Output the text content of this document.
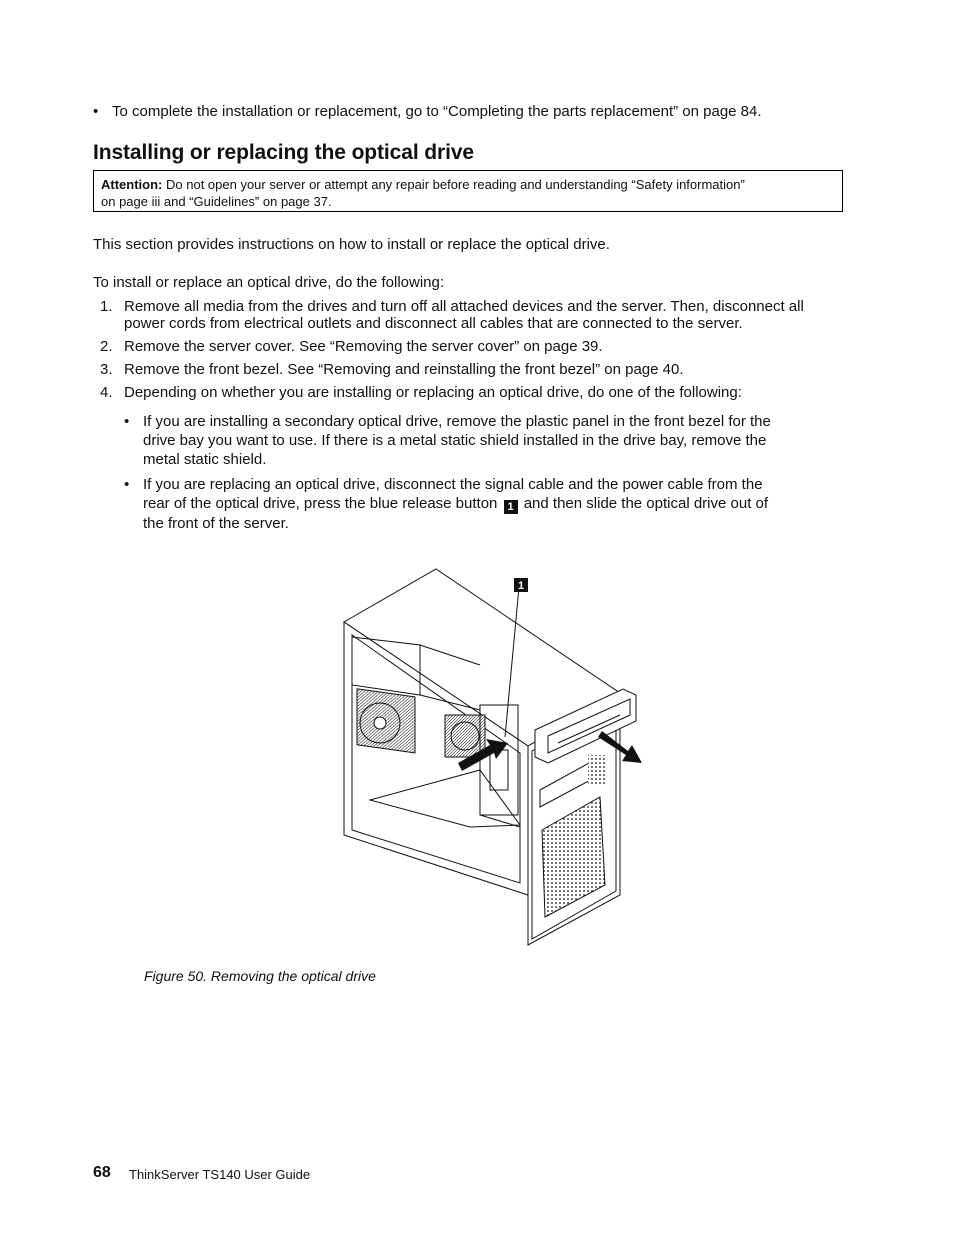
• To complete the installation or replacement, go to “Completing the parts replacement” on page 84.
Installing or replacing the optical drive
Attention: Do not open your server or attempt any repair before reading and understanding “Safety information”
on page iii and “Guidelines” on page 37.
This section provides instructions on how to install or replace the optical drive.
To install or replace an optical drive, do the following:
1. Remove all media from the drives and turn off all attached devices and the server. Then, disconnect all
power cords from electrical outlets and disconnect all cables that are connected to the server.
2. Remove the server cover. See “Removing the server cover” on page 39.
3. Remove the front bezel. See “Removing and reinstalling the front bezel” on page 40.
4. Depending on whether you are installing or replacing an optical drive, do one of the following:
• If you are installing a secondary optical drive, remove the plastic panel in the front bezel for the
drive bay you want to use. If there is a metal static shield installed in the drive bay, remove the
metal static shield.
• If you are replacing an optical drive, disconnect the signal cable and the power cable from the
rear of the optical drive, press the blue release button 1 and then slide the optical drive out of
the front of the server.
1
Figure 50. Removing the optical drive
68 ThinkServer TS140 User Guide
